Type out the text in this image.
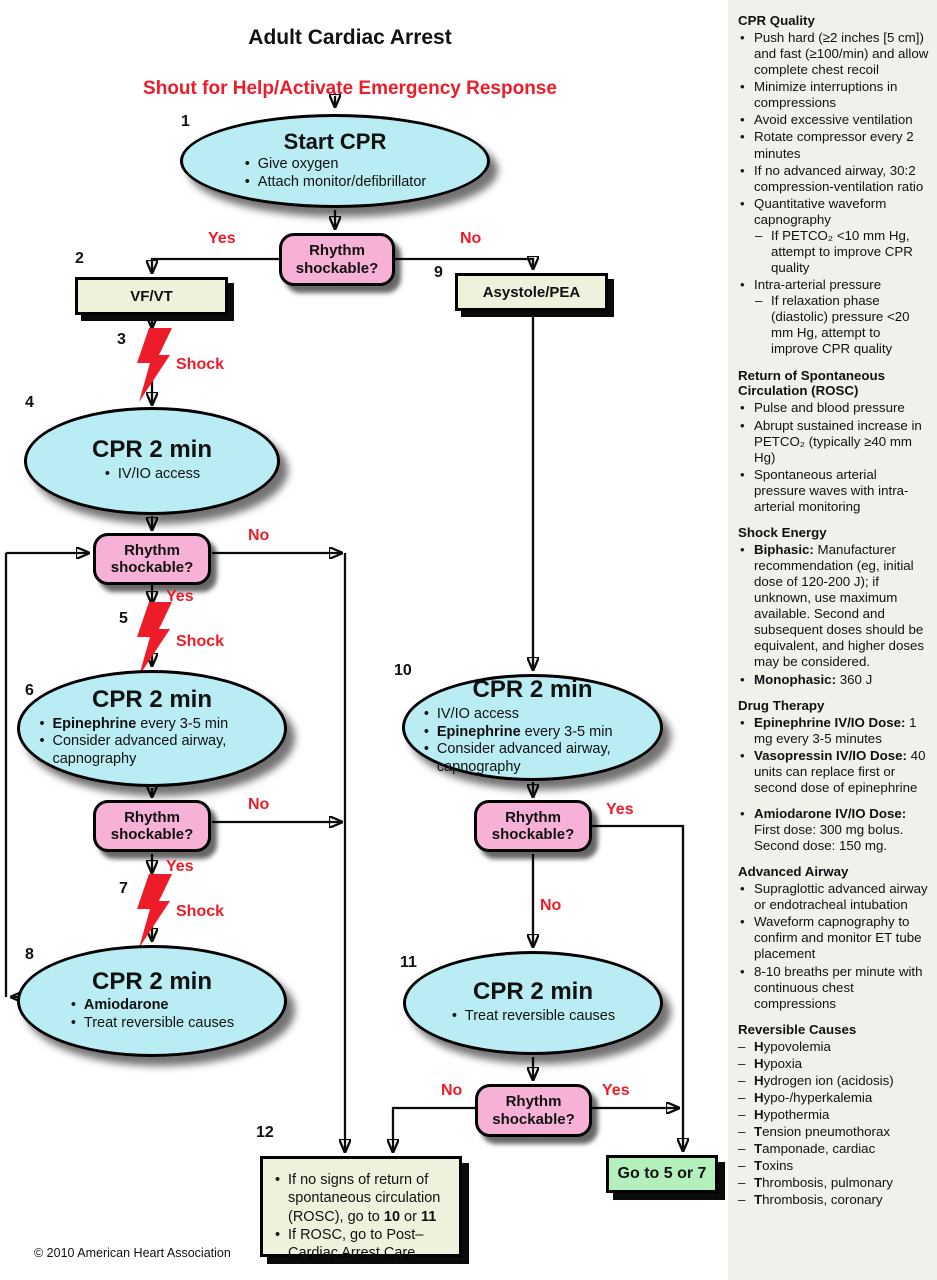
Adult Cardiac Arrest
Shout for Help/Activate Emergency Response
1
2
3
4
5
6
7
8
9
10
11
12
Yes	No
Shock
No
Yes
Shock
No
Yes
Shock
Yes
No
No	Yes
Start CPR
• Give oxygen
• Attach monitor/defibrillator
Rhythm shockable?
VF/VT	Asystole/PEA
CPR 2 min
• IV/IO access
Rhythm shockable?
CPR 2 min
• Epinephrine every 3-5 min
• Consider advanced airway, capnography
Rhythm shockable?
CPR 2 min
• Amiodarone
• Treat reversible causes
CPR 2 min
• IV/IO access
• Epinephrine every 3-5 min
• Consider advanced airway, capnography
Rhythm shockable?
CPR 2 min
• Treat reversible causes
Rhythm shockable?
• If no signs of return of spontaneous circulation (ROSC), go to 10 or 11
• If ROSC, go to Post–Cardiac Arrest Care
Go to 5 or 7
© 2010 American Heart Association
CPR Quality
• Push hard (≥2 inches [5 cm]) and fast (≥100/min) and allow complete chest recoil
• Minimize interruptions in compressions
• Avoid excessive ventilation
• Rotate compressor every 2 minutes
• If no advanced airway, 30:2 compression-ventilation ratio
• Quantitative waveform capnography
– If PETCO₂ <10 mm Hg, attempt to improve CPR quality
• Intra-arterial pressure
– If relaxation phase (diastolic) pressure <20 mm Hg, attempt to improve CPR quality
Return of Spontaneous Circulation (ROSC)
• Pulse and blood pressure
• Abrupt sustained increase in PETCO₂ (typically ≥40 mm Hg)
• Spontaneous arterial pressure waves with intra-arterial monitoring
Shock Energy
• Biphasic: Manufacturer recommendation (eg, initial dose of 120-200 J); if unknown, use maximum available. Second and subsequent doses should be equivalent, and higher doses may be considered.
• Monophasic: 360 J
Drug Therapy
• Epinephrine IV/IO Dose: 1 mg every 3-5 minutes
• Vasopressin IV/IO Dose: 40 units can replace first or second dose of epinephrine
• Amiodarone IV/IO Dose: First dose: 300 mg bolus. Second dose: 150 mg.
Advanced Airway
• Supraglottic advanced airway or endotracheal intubation
• Waveform capnography to confirm and monitor ET tube placement
• 8-10 breaths per minute with continuous chest compressions
Reversible Causes
– Hypovolemia
– Hypoxia
– Hydrogen ion (acidosis)
– Hypo-/hyperkalemia
– Hypothermia
– Tension pneumothorax
– Tamponade, cardiac
– Toxins
– Thrombosis, pulmonary
– Thrombosis, coronary
